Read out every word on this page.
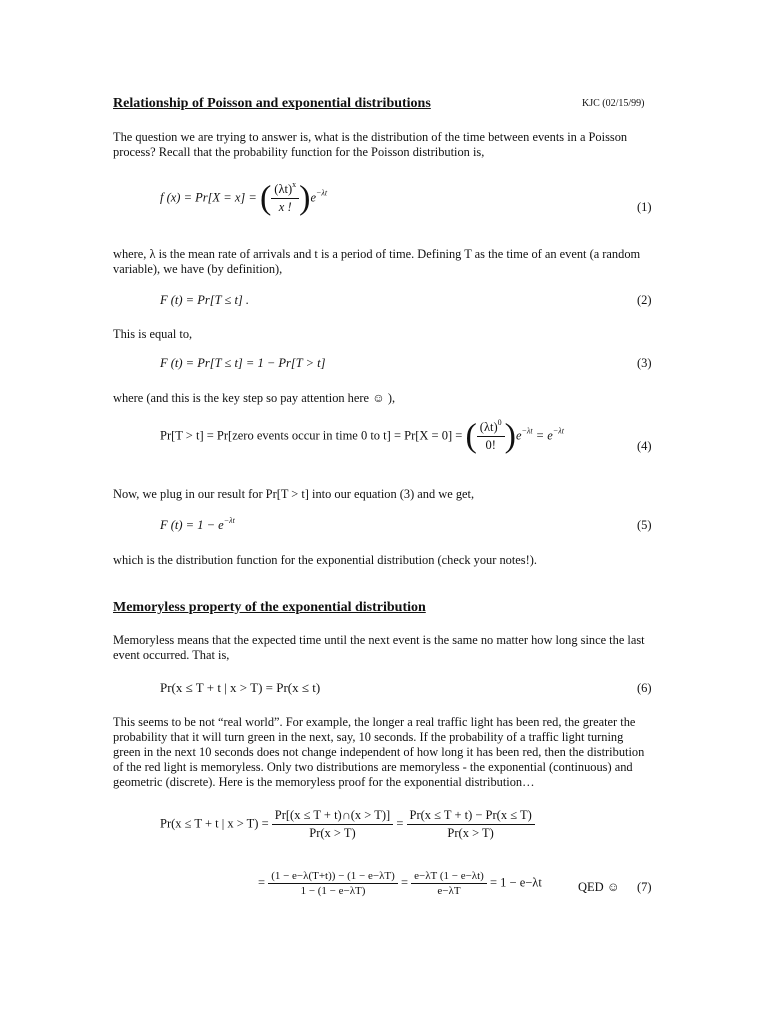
Relationship of Poisson and exponential distributions	KJC (02/15/99)
The question we are trying to answer is, what is the distribution of the time between events in a Poisson process? Recall that the probability function for the Poisson distribution is,
f (x) = Pr[X = x] = ( $\frac{(\lambda t)^x}{x !} )e^{-\lambda t}$
(1)
where, λ is the mean rate of arrivals and t is a period of time. Defining T as the time of an event (a random variable), we have (by definition),
F (t) = Pr[T ≤ t] .	(2)
This is equal to,
F (t) = Pr[T ≤ t] = 1 − Pr[T > t]	(3)
where (and this is the key step so pay attention here ☺ ),
Pr[T > t] = Pr[zero events occur in time 0 to t] = Pr[X = 0] = ( $\frac{(\lambda t)^0}{0!} )e^{-\lambda t} = e^{-\lambda t}$
(4)
Now, we plug in our result for Pr[T > t] into our equation (3) and we get,
F $(t) = 1 - e^{-\lambda t}$	(5)
which is the distribution function for the exponential distribution (check your notes!).
Memoryless property of the exponential distribution
Memoryless means that the expected time until the next event is the same no matter how long since the last event occurred. That is,
Pr(x ≤ T + t | x > T) = Pr(x ≤ t)	(6)
This seems to be not “real world”. For example, the longer a real traffic light has been red, the greater the probability that it will turn green in the next, say, 10 seconds. If the probability of a traffic light turning green in the next 10 seconds does not change independent of how long it has been red, then the distribution of the red light is memoryless. Only two distributions are memoryless - the exponential (continuous) and geometric (discrete). Here is the memoryless proof for the exponential distribution…
Pr(x ≤ T + t | $x > T) = \frac{Pr[(x \le T + t)\cap(x > T)]}{Pr(x > T)} = \frac{Pr(x \le T + t) - Pr(x \le T)}{Pr(x > T)}$
= $\frac{(1 - e-\lambda(T+t)) - (1 - e-\lambda T)}{1 - (1 - e-\lambda T)} = \frac{e-\lambda T (1 - e-\lambda t)}{e-\lambda T} = 1 - e-\lambda t$	QED ☺ (7)
